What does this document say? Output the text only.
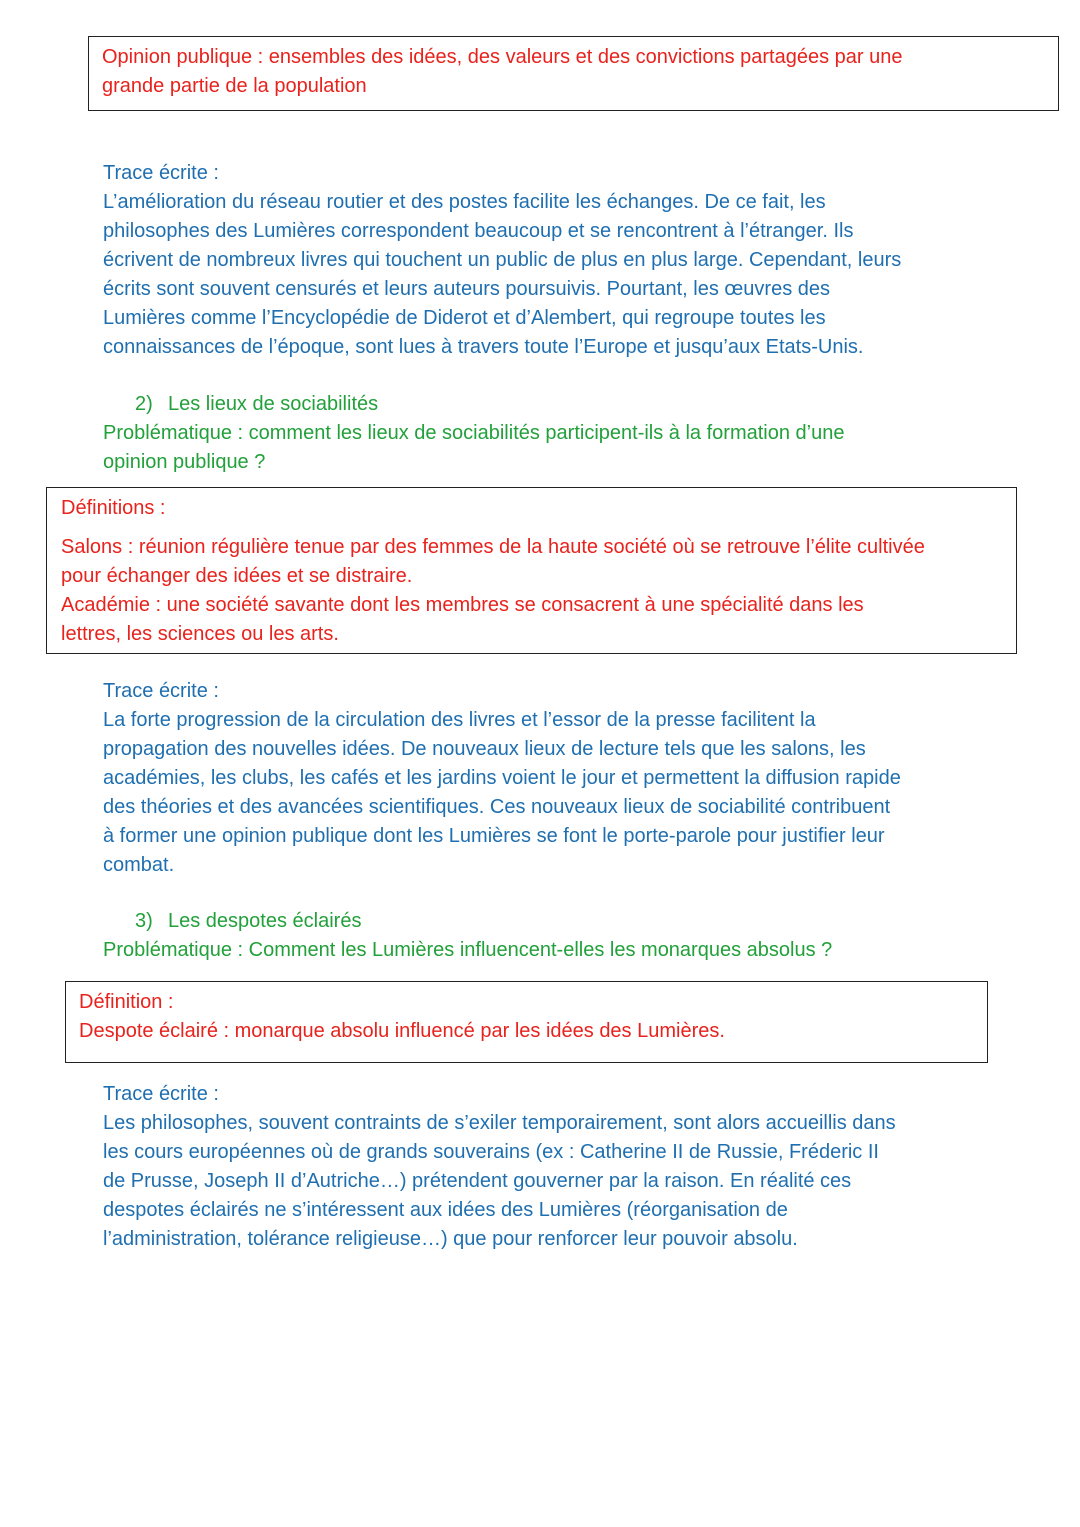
Opinion publique : ensembles des idées, des valeurs et des convictions partagées par une

grande partie de la population

Trace écrite :
L’amélioration du réseau routier et des postes facilite les échanges. De ce fait, les
philosophes des Lumières correspondent beaucoup et se rencontrent à l’étranger. Ils
écrivent de nombreux livres qui touchent un public de plus en plus large. Cependant, leurs
écrits sont souvent censurés et leurs auteurs poursuivis. Pourtant, les œuvres des
Lumières comme l’Encyclopédie de Diderot et d’Alembert, qui regroupe toutes les
connaissances de l’époque, sont lues à travers toute l’Europe et jusqu’aux Etats-Unis.
2) Les lieux de sociabilités
Problématique : comment les lieux de sociabilités participent-ils à la formation d’une
opinion publique ?

Définitions :

Salons : réunion régulière tenue par des femmes de la haute société où se retrouve l’élite cultivée

pour échanger des idées et se distraire.

Académie : une société savante dont les membres se consacrent à une spécialité dans les

lettres, les sciences ou les arts.

Trace écrite :
La forte progression de la circulation des livres et l’essor de la presse facilitent la
propagation des nouvelles idées. De nouveaux lieux de lecture tels que les salons, les
académies, les clubs, les cafés et les jardins voient le jour et permettent la diffusion rapide
des théories et des avancées scientifiques. Ces nouveaux lieux de sociabilité contribuent
à former une opinion publique dont les Lumières se font le porte-parole pour justifier leur
combat.
3) Les despotes éclairés
Problématique : Comment les Lumières influencent-elles les monarques absolus ?

Définition :

Despote éclairé : monarque absolu influencé par les idées des Lumières.

Trace écrite :
Les philosophes, souvent contraints de s’exiler temporairement, sont alors accueillis dans
les cours européennes où de grands souverains (ex : Catherine II de Russie, Fréderic II
de Prusse, Joseph II d’Autriche…) prétendent gouverner par la raison. En réalité ces
despotes éclairés ne s’intéressent aux idées des Lumières (réorganisation de
l’administration, tolérance religieuse…) que pour renforcer leur pouvoir absolu.
